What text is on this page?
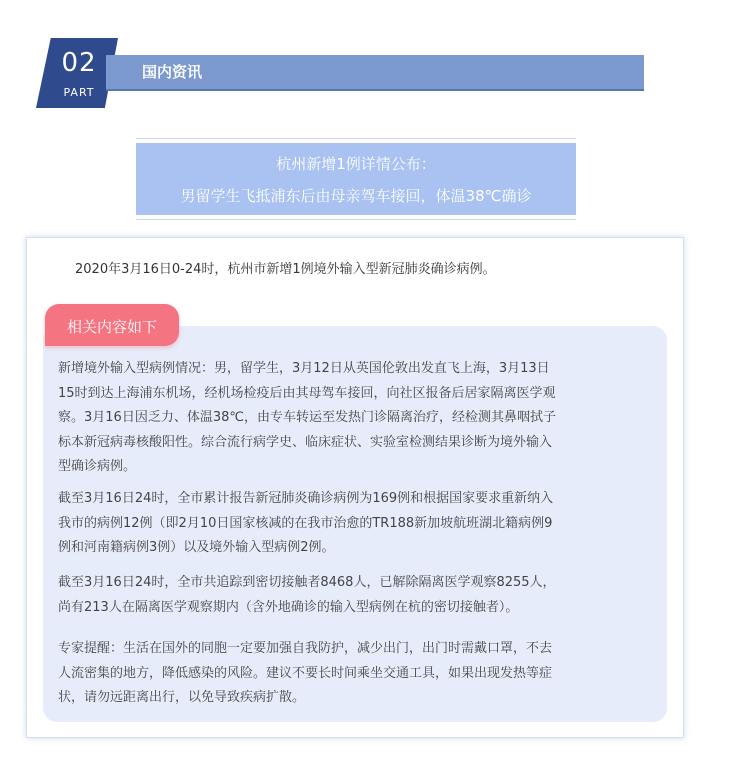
02
PART
国内资讯
杭州新增1例详情公布：
男留学生飞抵浦东后由母亲驾车接回，体温38℃确诊
2020年3月16日0-24时，杭州市新增1例境外输入型新冠肺炎确诊病例。
相关内容如下
新增境外输入型病例情况：男，留学生，3月12日从英国伦敦出发直飞上海，3月13日
15时到达上海浦东机场，经机场检疫后由其母驾车接回，向社区报备后居家隔离医学观
察。3月16日因乏力、体温38℃，由专车转运至发热门诊隔离治疗，经检测其鼻咽拭子
标本新冠病毒核酸阳性。综合流行病学史、临床症状、实验室检测结果诊断为境外输入
型确诊病例。
截至3月16日24时，全市累计报告新冠肺炎确诊病例为169例和根据国家要求重新纳入
我市的病例12例（即2月10日国家核减的在我市治愈的TR188新加坡航班湖北籍病例9
例和河南籍病例3例）以及境外输入型病例2例。
截至3月16日24时，全市共追踪到密切接触者8468人，已解除隔离医学观察8255人，
尚有213人在隔离医学观察期内（含外地确诊的输入型病例在杭的密切接触者）。
专家提醒：生活在国外的同胞一定要加强自我防护，减少出门，出门时需戴口罩，不去
人流密集的地方，降低感染的风险。建议不要长时间乘坐交通工具，如果出现发热等症
状，请勿远距离出行，以免导致疾病扩散。
